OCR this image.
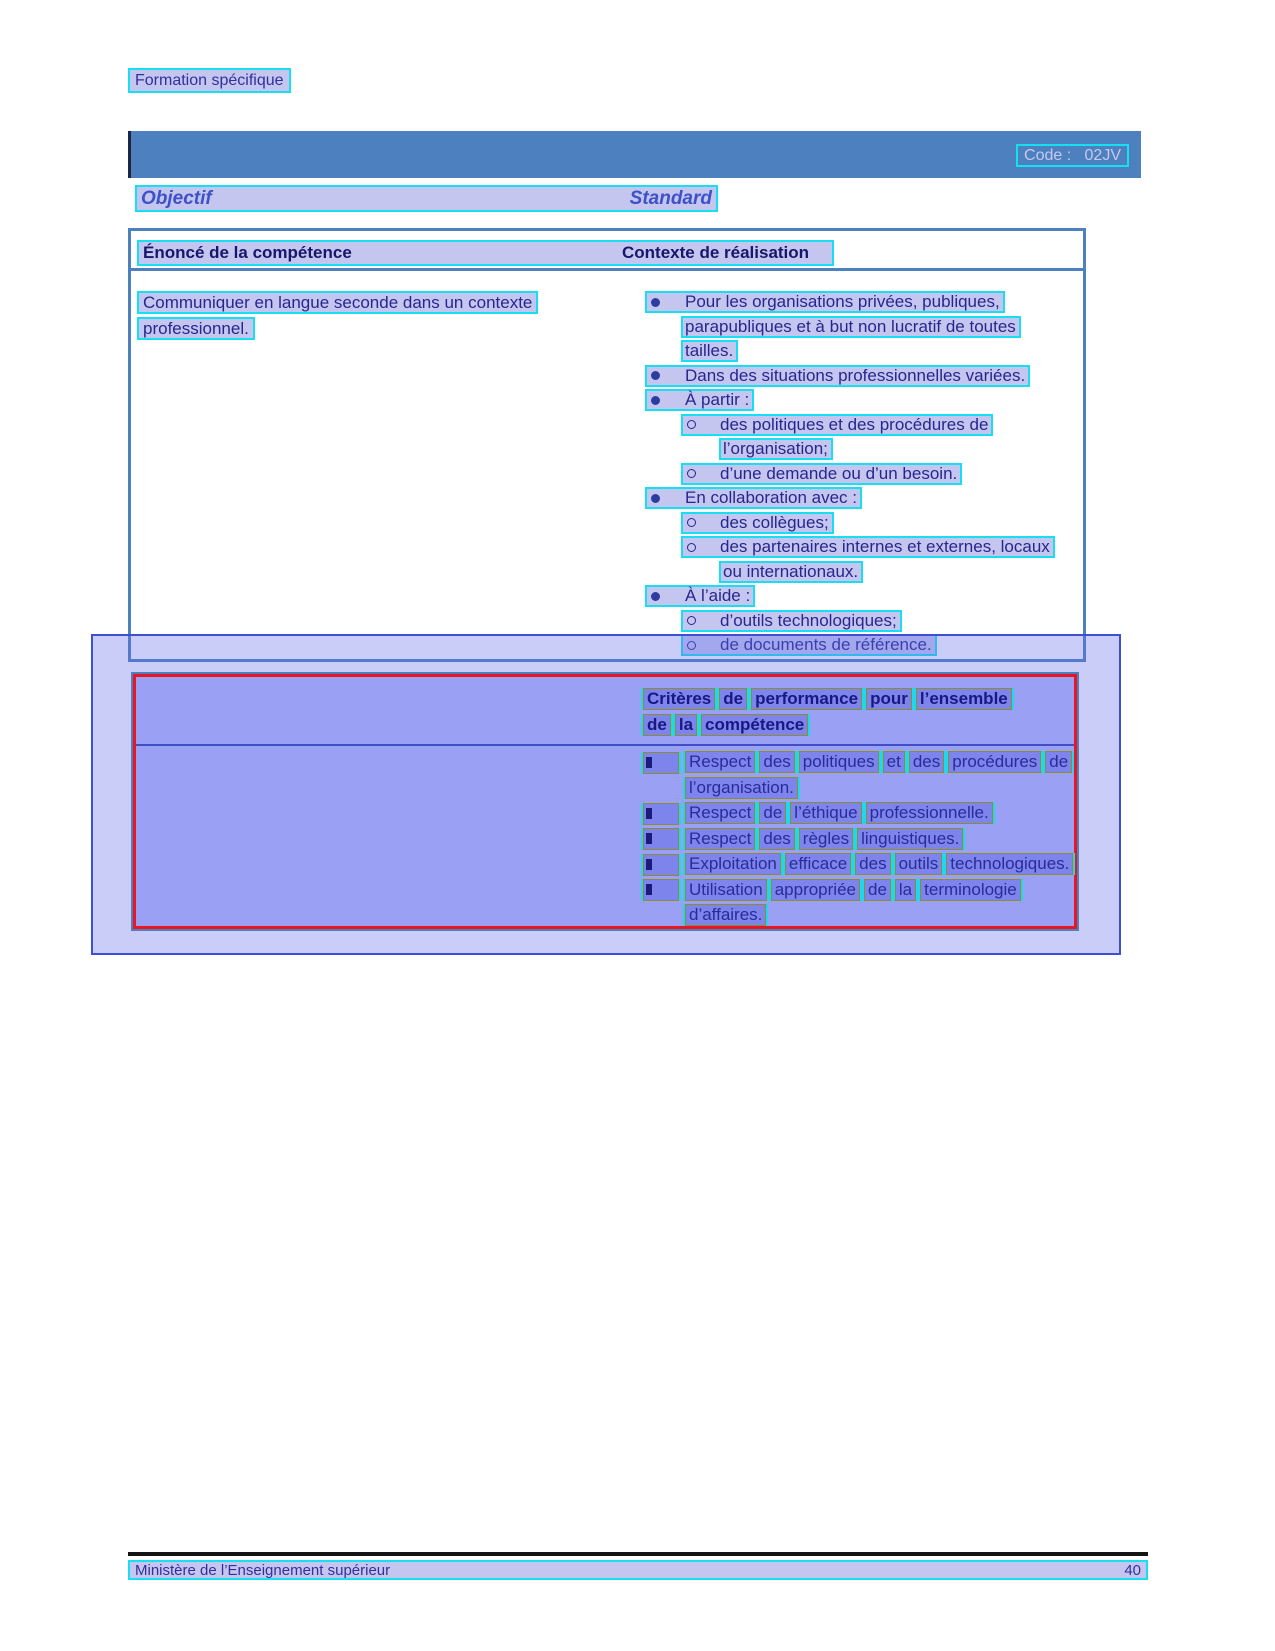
Formation spécifique
Code :   02JV
Objectif	Standard
Énoncé de la compétence	Contexte de réalisation
Communiquer en langue seconde dans un contexte
professionnel.
Pour les organisations privées, publiques,
parapubliques et à but non lucratif de toutes
tailles.
Dans des situations professionnelles variées.
À partir :
des politiques et des procédures de
l’organisation;
d’une demande ou d’un besoin.
En collaboration avec :
des collègues;
des partenaires internes et externes, locaux
ou internationaux.
À l’aide :
d’outils technologiques;
de documents de référence.
Critères de performance pour l’ensemble
de la compétence
Respect des politiques et des procédures de
l’organisation.
Respect de l’éthique professionnelle.
Respect des règles linguistiques.
Exploitation efficace des outils technologiques.
Utilisation appropriée de la terminologie
d’affaires.
Ministère de l’Enseignement supérieur	40
